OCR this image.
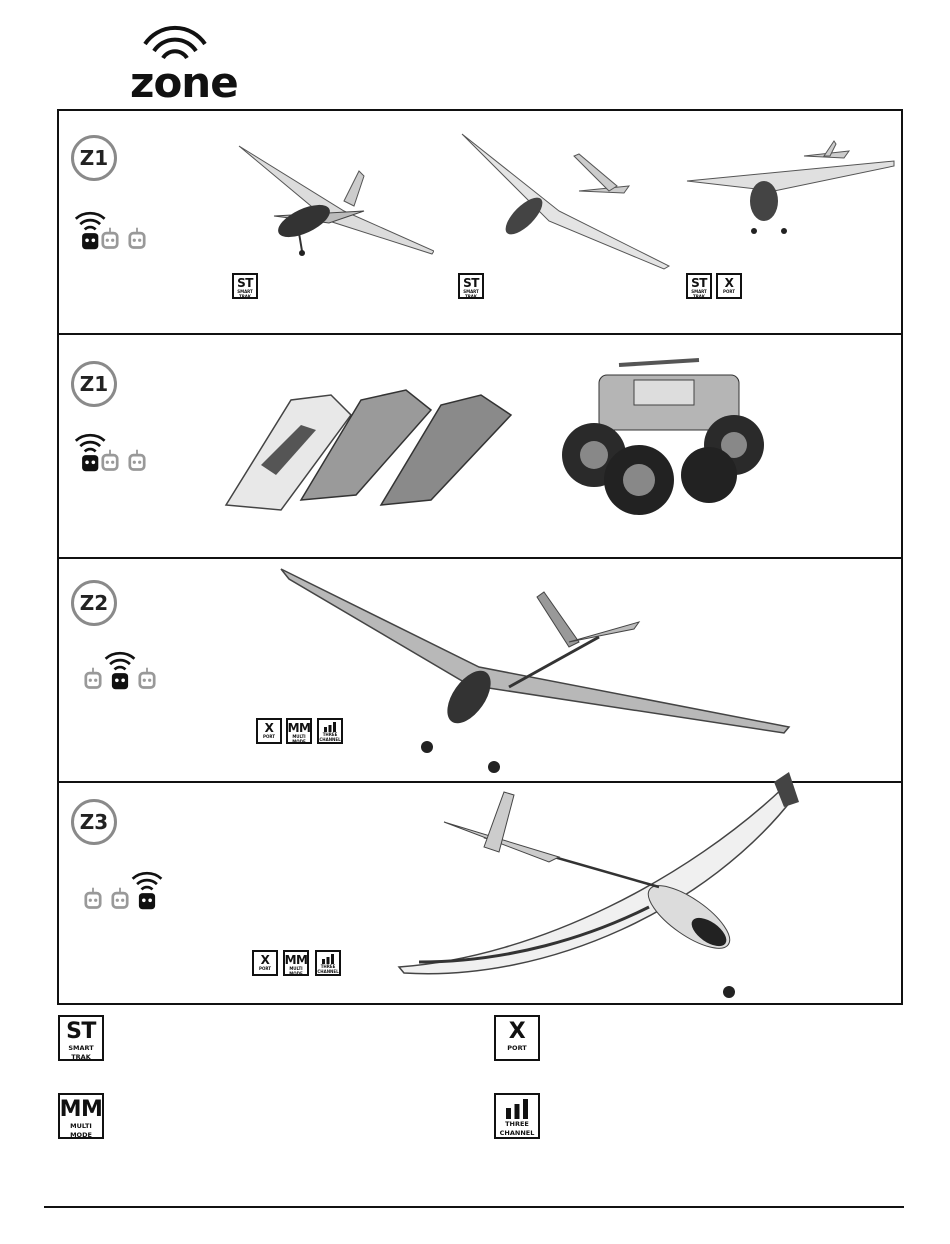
zone
Z1
ST
SMART
TRAK
ST
SMART
TRAK
ST
SMART
TRAK
X
PORT
Z1
Z2
X
PORT
MM
MULTI
MODE
THREE
CHANNEL
Z3
X
PORT
MM
MULTI
MODE
THREE
CHANNEL
ST
SMART
TRAK
X
PORT
MM
MULTI
MODE
THREE
CHANNEL
